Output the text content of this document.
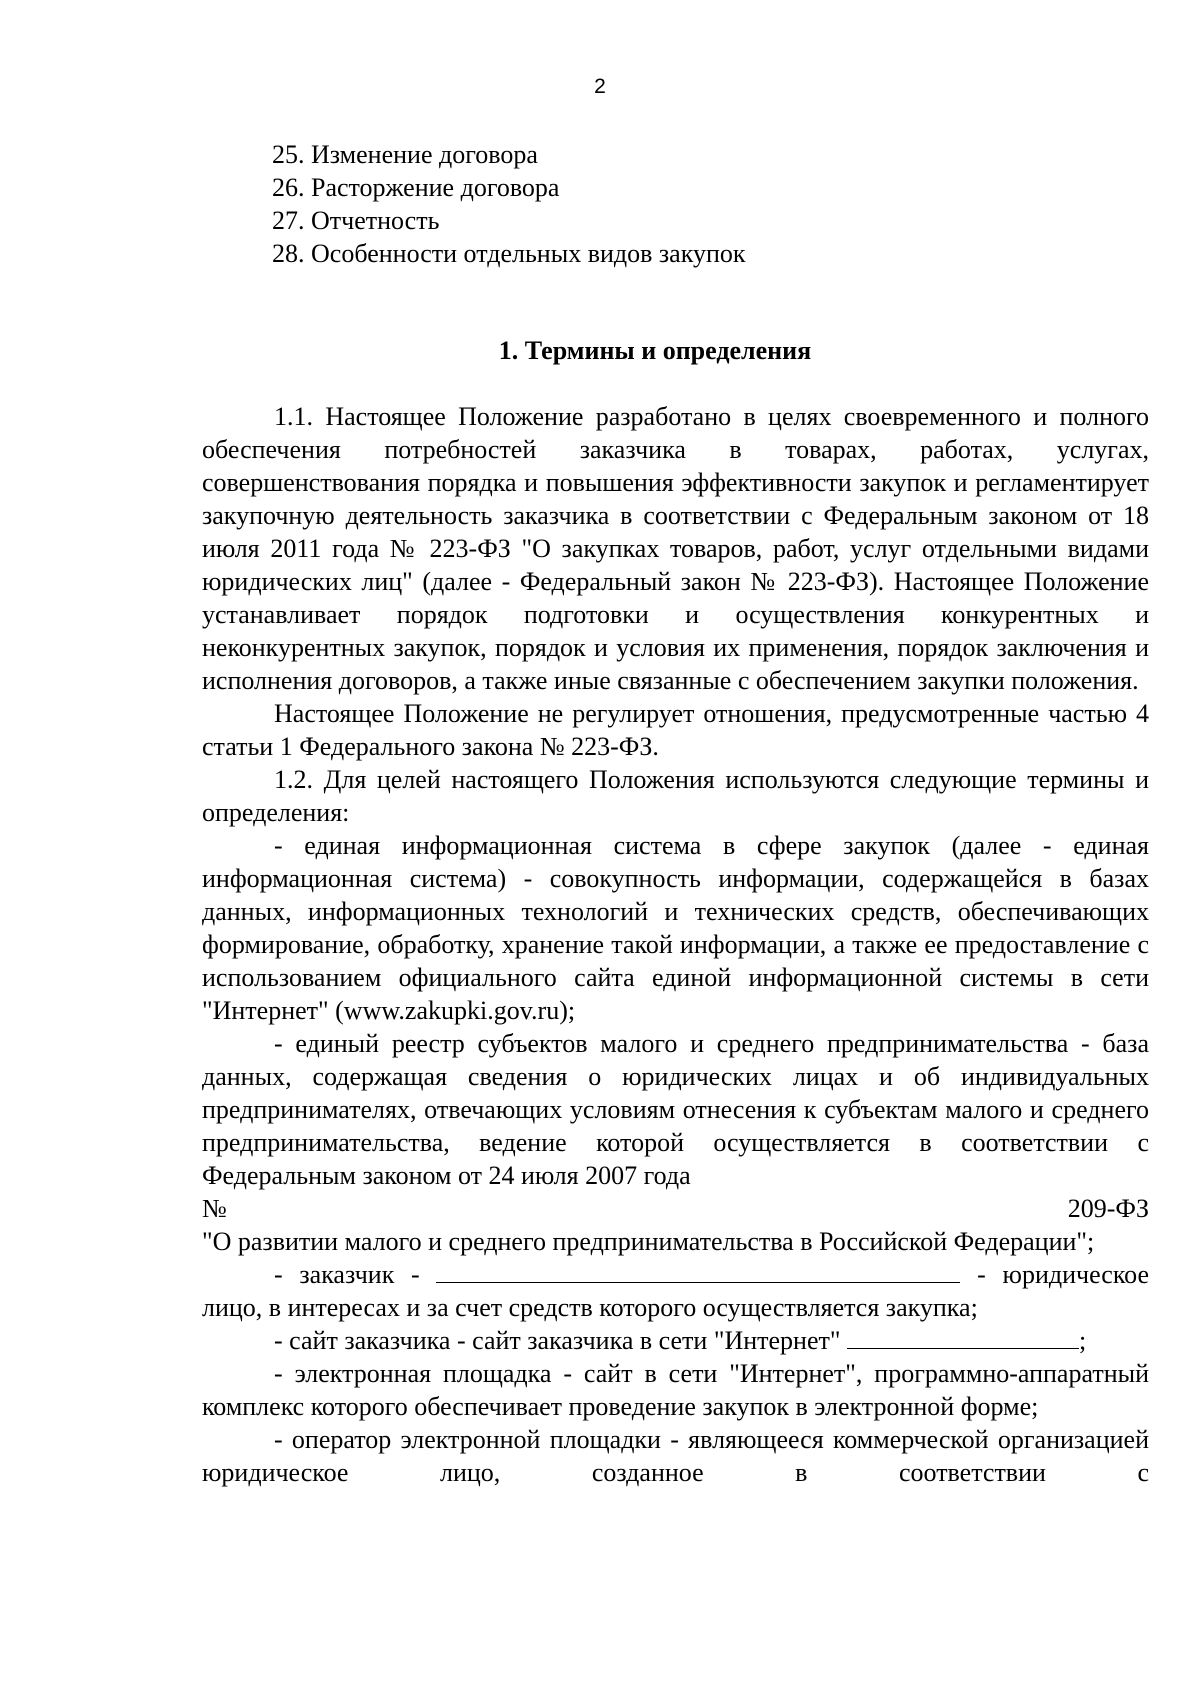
2
25. Изменение договора
26. Расторжение договора
27. Отчетность
28. Особенности отдельных видов закупок
1. Термины и определения

1.1. Настоящее Положение разработано в целях своевременного и полного обеспечения потребностей заказчика в товарах, работах, услугах, совершенствования порядка и повышения эффективности закупок и регламентирует закупочную деятельность заказчика в соответствии с Федеральным законом от 18 июля 2011 года № 223-ФЗ "О закупках товаров, работ, услуг отдельными видами юридических лиц" (далее - Федеральный закон № 223-ФЗ). Настоящее Положение устанавливает порядок подготовки и осуществления конкурентных и неконкурентных закупок, порядок и условия их применения, порядок заключения и исполнения договоров, а также иные связанные с обеспечением закупки положения.

Настоящее Положение не регулирует отношения, предусмотренные частью 4 статьи 1 Федерального закона № 223-ФЗ.

1.2. Для целей настоящего Положения используются следующие термины и определения:

- единая информационная система в сфере закупок (далее - единая информационная система) - совокупность информации, содержащейся в базах данных, информационных технологий и технических средств, обеспечивающих формирование, обработку, хранение такой информации, а также ее предоставление с использованием официального сайта единой информационной системы в сети "Интернет" (www.zakupki.gov.ru);

- единый реестр субъектов малого и среднего предпринимательства - база данных, содержащая сведения о юридических лицах и об индивидуальных предпринимателях, отвечающих условиям отнесения к субъектам малого и среднего предпринимательства, ведение которой осуществляется в соответствии с Федеральным законом от 24 июля 2007 года

№	209-ФЗ

"О развитии малого и среднего предпринимательства в Российской Федерации";

- заказчик -	- юридическое лицо, в интересах и за счет средств которого осуществляется закупка;

- сайт заказчика - сайт заказчика в сети "Интернет"	;

- электронная площадка - сайт в сети "Интернет", программно-аппаратный комплекс которого обеспечивает проведение закупок в электронной форме;

- оператор электронной площадки - являющееся коммерческой организацией юридическое лицо, созданное в соответствии с
